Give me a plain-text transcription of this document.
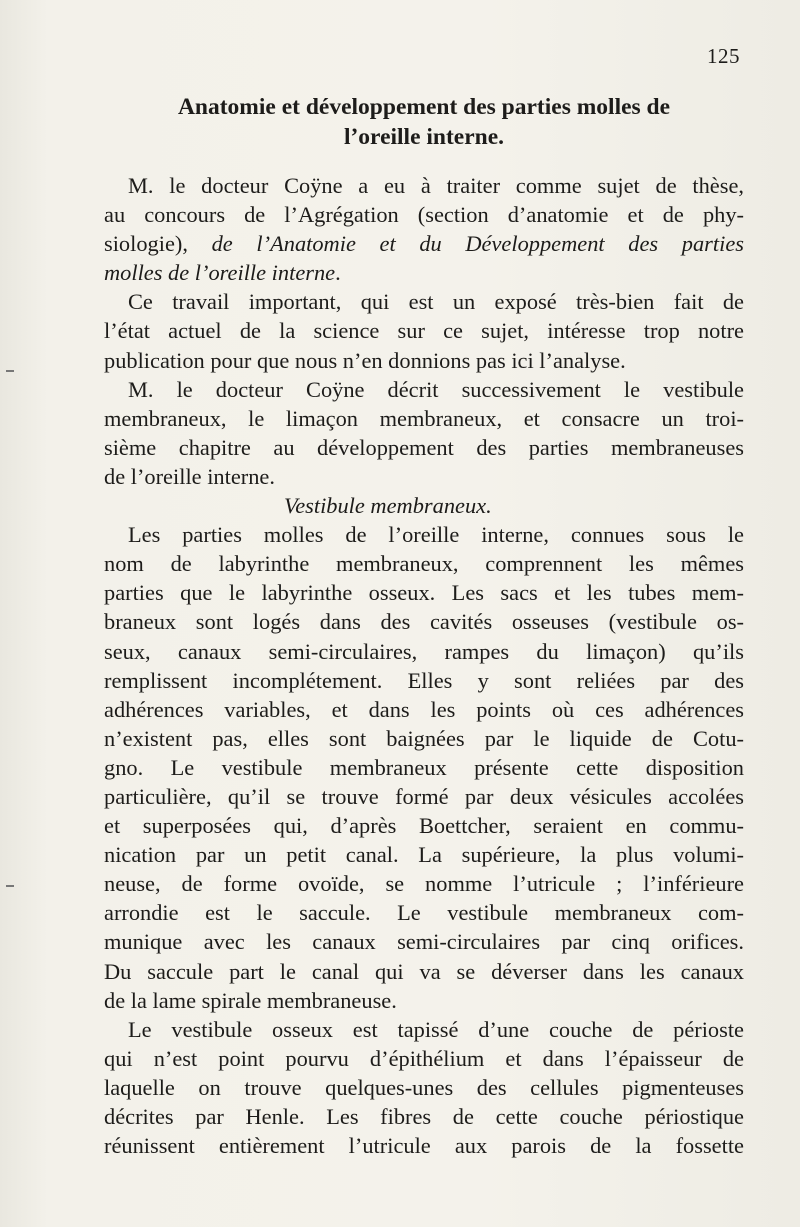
125
Anatomie et développement des parties molles de
l’oreille interne.

M. le docteur Coÿne a eu à traiter comme sujet de thèse,

au concours de l’Agrégation (section d’anatomie et de phy-

siologie), de l’Anatomie et du Développement des parties

molles de l’oreille interne.

Ce travail important, qui est un exposé très-bien fait de

l’état actuel de la science sur ce sujet, intéresse trop notre

publication pour que nous n’en donnions pas ici l’analyse.

M. le docteur Coÿne décrit successivement le vestibule

membraneux, le limaçon membraneux, et consacre un troi-

sième chapitre au développement des parties membraneuses

de l’oreille interne.

Vestibule membraneux.

Les parties molles de l’oreille interne, connues sous le

nom de labyrinthe membraneux, comprennent les mêmes

parties que le labyrinthe osseux. Les sacs et les tubes mem-

braneux sont logés dans des cavités osseuses (vestibule os-

seux, canaux semi-circulaires, rampes du limaçon) qu’ils

remplissent incomplétement. Elles y sont reliées par des

adhérences variables, et dans les points où ces adhérences

n’existent pas, elles sont baignées par le liquide de Cotu-

gno. Le vestibule membraneux présente cette disposition

particulière, qu’il se trouve formé par deux vésicules accolées

et superposées qui, d’après Boettcher, seraient en commu-

nication par un petit canal. La supérieure, la plus volumi-

neuse, de forme ovoïde, se nomme l’utricule ; l’inférieure

arrondie est le saccule. Le vestibule membraneux com-

munique avec les canaux semi-circulaires par cinq orifices.

Du saccule part le canal qui va se déverser dans les canaux

de la lame spirale membraneuse.

Le vestibule osseux est tapissé d’une couche de périoste

qui n’est point pourvu d’épithélium et dans l’épaisseur de

laquelle on trouve quelques-unes des cellules pigmenteuses

décrites par Henle. Les fibres de cette couche périostique

réunissent entièrement l’utricule aux parois de la fossette
